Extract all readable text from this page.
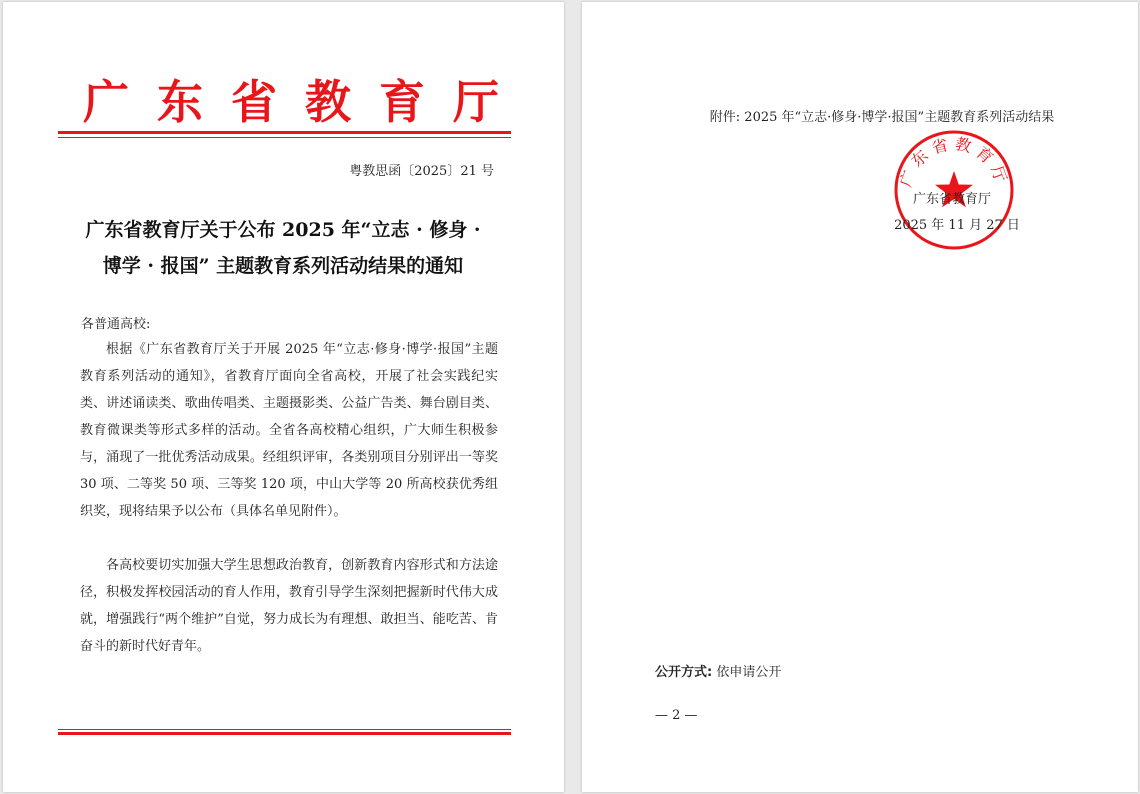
广东省教育厅
粤教思函〔2025〕21 号
广东省教育厅关于公布 2025 年“立志 · 修身 ·
博学 · 报国” 主题教育系列活动结果的通知
各普通高校:

根据《广东省教育厅关于开展 2025 年“立志·修身·博学·报国”主题教育系列活动的通知》，省教育厅面向全省高校，开展了社会实践纪实类、讲述诵读类、歌曲传唱类、主题摄影类、公益广告类、舞台剧目类、教育微课类等形式多样的活动。全省各高校精心组织，广大师生积极参与，涌现了一批优秀活动成果。经组织评审，各类别项目分别评出一等奖 30 项、二等奖 50 项、三等奖 120 项，中山大学等 20 所高校获优秀组织奖，现将结果予以公布（具体名单见附件）。

各高校要切实加强大学生思想政治教育，创新教育内容形式和方法途径，积极发挥校园活动的育人作用，教育引导学生深刻把握新时代伟大成就，增强践行“两个维护”自觉，努力成长为有理想、敢担当、能吃苦、肯奋斗的新时代好青年。

附件: 2025 年“立志·修身·博学·报国”主题教育系列活动结果
广东省教育厅
广东省教育厅
2025 年 11 月 27 日
公开方式: 依申请公开
— 2 —
